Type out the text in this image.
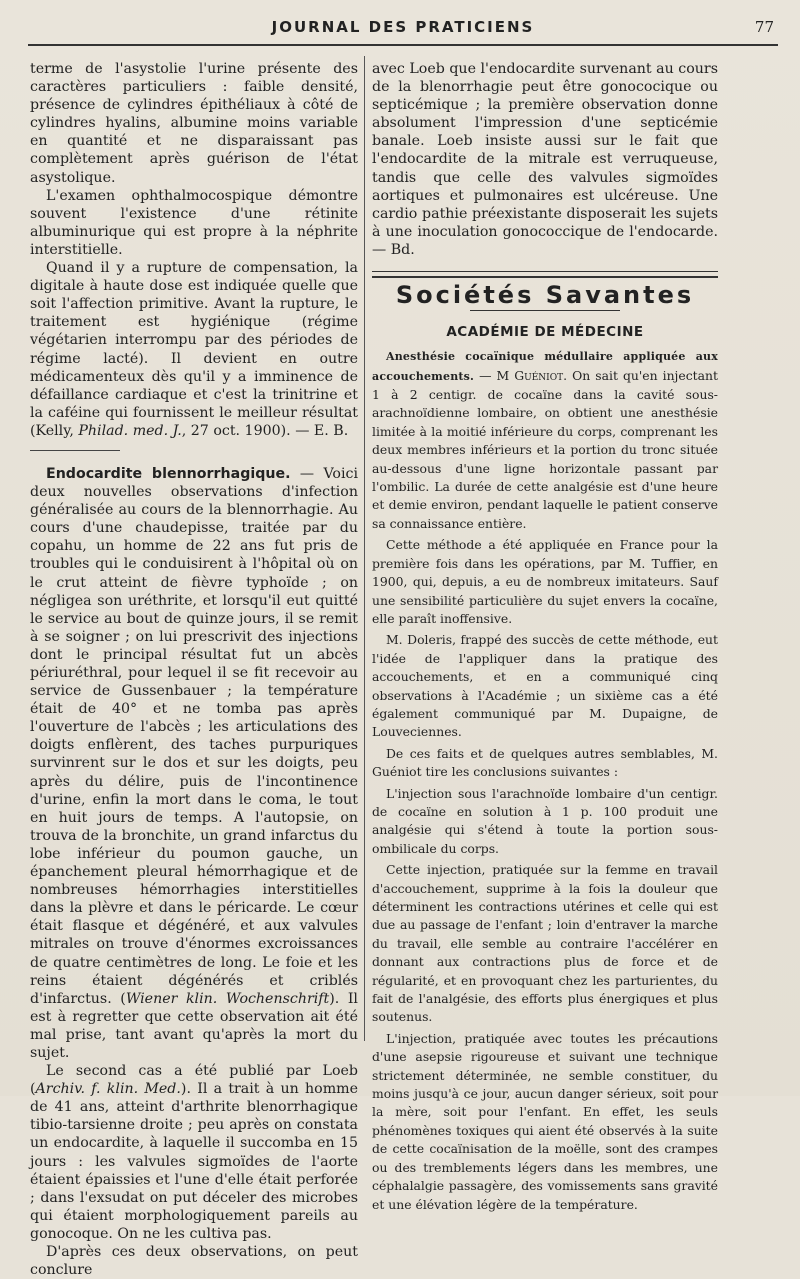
JOURNAL DES PRATICIENS	77

terme de l'asystolie l'urine présente des caractères particuliers : faible densité, présence de cylindres épithéliaux à côté de cylindres hyalins, albumine moins variable en quantité et ne disparaissant pas complètement après guérison de l'état asystolique.

L'examen ophthalmocospique démontre souvent l'existence d'une rétinite albuminurique qui est propre à la néphrite interstitielle.

Quand il y a rupture de compensation, la digitale à haute dose est indiquée quelle que soit l'affection primitive. Avant la rupture, le traitement est hygiénique (régime végétarien interrompu par des périodes de régime lacté). Il devient en outre médicamenteux dès qu'il y a imminence de défaillance cardiaque et c'est la trinitrine et la caféine qui fournissent le meilleur résultat (Kelly, Philad. med. J., 27 oct. 1900). — E. B.

Endocardite blennorrhagique. — Voici deux nouvelles observations d'infection généralisée au cours de la blennorrhagie. Au cours d'une chaudepisse, traitée par du copahu, un homme de 22 ans fut pris de troubles qui le conduisirent à l'hôpital où on le crut atteint de fièvre typhoïde ; on négligea son uréthrite, et lorsqu'il eut quitté le service au bout de quinze jours, il se remit à se soigner ; on lui prescrivit des injections dont le principal résultat fut un abcès périuréthral, pour lequel il se fit recevoir au service de Gussenbauer ; la température était de 40° et ne tomba pas après l'ouverture de l'abcès ; les articulations des doigts enflèrent, des taches purpuriques survinrent sur le dos et sur les doigts, peu après du délire, puis de l'incontinence d'urine, enfin la mort dans le coma, le tout en huit jours de temps. A l'autopsie, on trouva de la bronchite, un grand infarctus du lobe inférieur du poumon gauche, un épanchement pleural hémorrhagique et de nombreuses hémorrhagies interstitielles dans la plèvre et dans le péricarde. Le cœur était flasque et dégénéré, et aux valvules mitrales on trouve d'énormes excroissances de quatre centimètres de long. Le foie et les reins étaient dégénérés et criblés d'infarctus. (Wiener klin. Wochenschrift). Il est à regretter que cette observation ait été mal prise, tant avant qu'après la mort du sujet.

Le second cas a été publié par Loeb (Archiv. f. klin. Med.). Il a trait à un homme de 41 ans, atteint d'arthrite blenorrhagique tibio-tarsienne droite ; peu après on constata un endocardite, à laquelle il succomba en 15 jours : les valvules sigmoïdes de l'aorte étaient épaissies et l'une d'elle était perforée ; dans l'exsudat on put déceler des microbes qui étaient morphologiquement pareils au gonocoque. On ne les cultiva pas.

D'après ces deux observations, on peut conclure

avec Loeb que l'endocardite survenant au cours de la blenorrhagie peut être gonococique ou septicémique ; la première observation donne absolument l'impression d'une septicémie banale. Loeb insiste aussi sur le fait que l'endocardite de la mitrale est verruqueuse, tandis que celle des valvules sigmoïdes aortiques et pulmonaires est ulcéreuse. Une cardio pathie préexistante disposerait les sujets à une inoculation gonococcique de l'endocarde. — Bd.

Sociétés Savantes
ACADÉMIE DE MÉDECINE

Anesthésie cocaïnique médullaire appliquée aux accouchements. — M Guéniot. On sait qu'en injectant 1 à 2 centigr. de cocaïne dans la cavité sous-arachnoïdienne lombaire, on obtient une anesthésie limitée à la moitié inférieure du corps, comprenant les deux membres inférieurs et la portion du tronc située au-dessous d'une ligne horizontale passant par l'ombilic. La durée de cette analgésie est d'une heure et demie environ, pendant laquelle le patient conserve sa connaissance entière.

Cette méthode a été appliquée en France pour la première fois dans les opérations, par M. Tuffier, en 1900, qui, depuis, a eu de nombreux imitateurs. Sauf une sensibilité particulière du sujet envers la cocaïne, elle paraît inoffensive.

M. Doleris, frappé des succès de cette méthode, eut l'idée de l'appliquer dans la pratique des accouchements, et en a communiqué cinq observations à l'Académie ; un sixième cas a été également communiqué par M. Dupaigne, de Louveciennes.

De ces faits et de quelques autres semblables, M. Guéniot tire les conclusions suivantes :

L'injection sous l'arachnoïde lombaire d'un centigr. de cocaïne en solution à 1 p. 100 produit une analgésie qui s'étend à toute la portion sous-ombilicale du corps.

Cette injection, pratiquée sur la femme en travail d'accouchement, supprime à la fois la douleur que déterminent les contractions utérines et celle qui est due au passage de l'enfant ; loin d'entraver la marche du travail, elle semble au contraire l'accélérer en donnant aux contractions plus de force et de régularité, et en provoquant chez les parturientes, du fait de l'analgésie, des efforts plus énergiques et plus soutenus.

L'injection, pratiquée avec toutes les précautions d'une asepsie rigoureuse et suivant une technique strictement déterminée, ne semble constituer, du moins jusqu'à ce jour, aucun danger sérieux, soit pour la mère, soit pour l'enfant. En effet, les seuls phénomènes toxiques qui aient été observés à la suite de cette cocaïnisation de la moëlle, sont des crampes ou des tremblements légers dans les membres, une céphalalgie passagère, des vomissements sans gravité et une élévation légère de la température.
